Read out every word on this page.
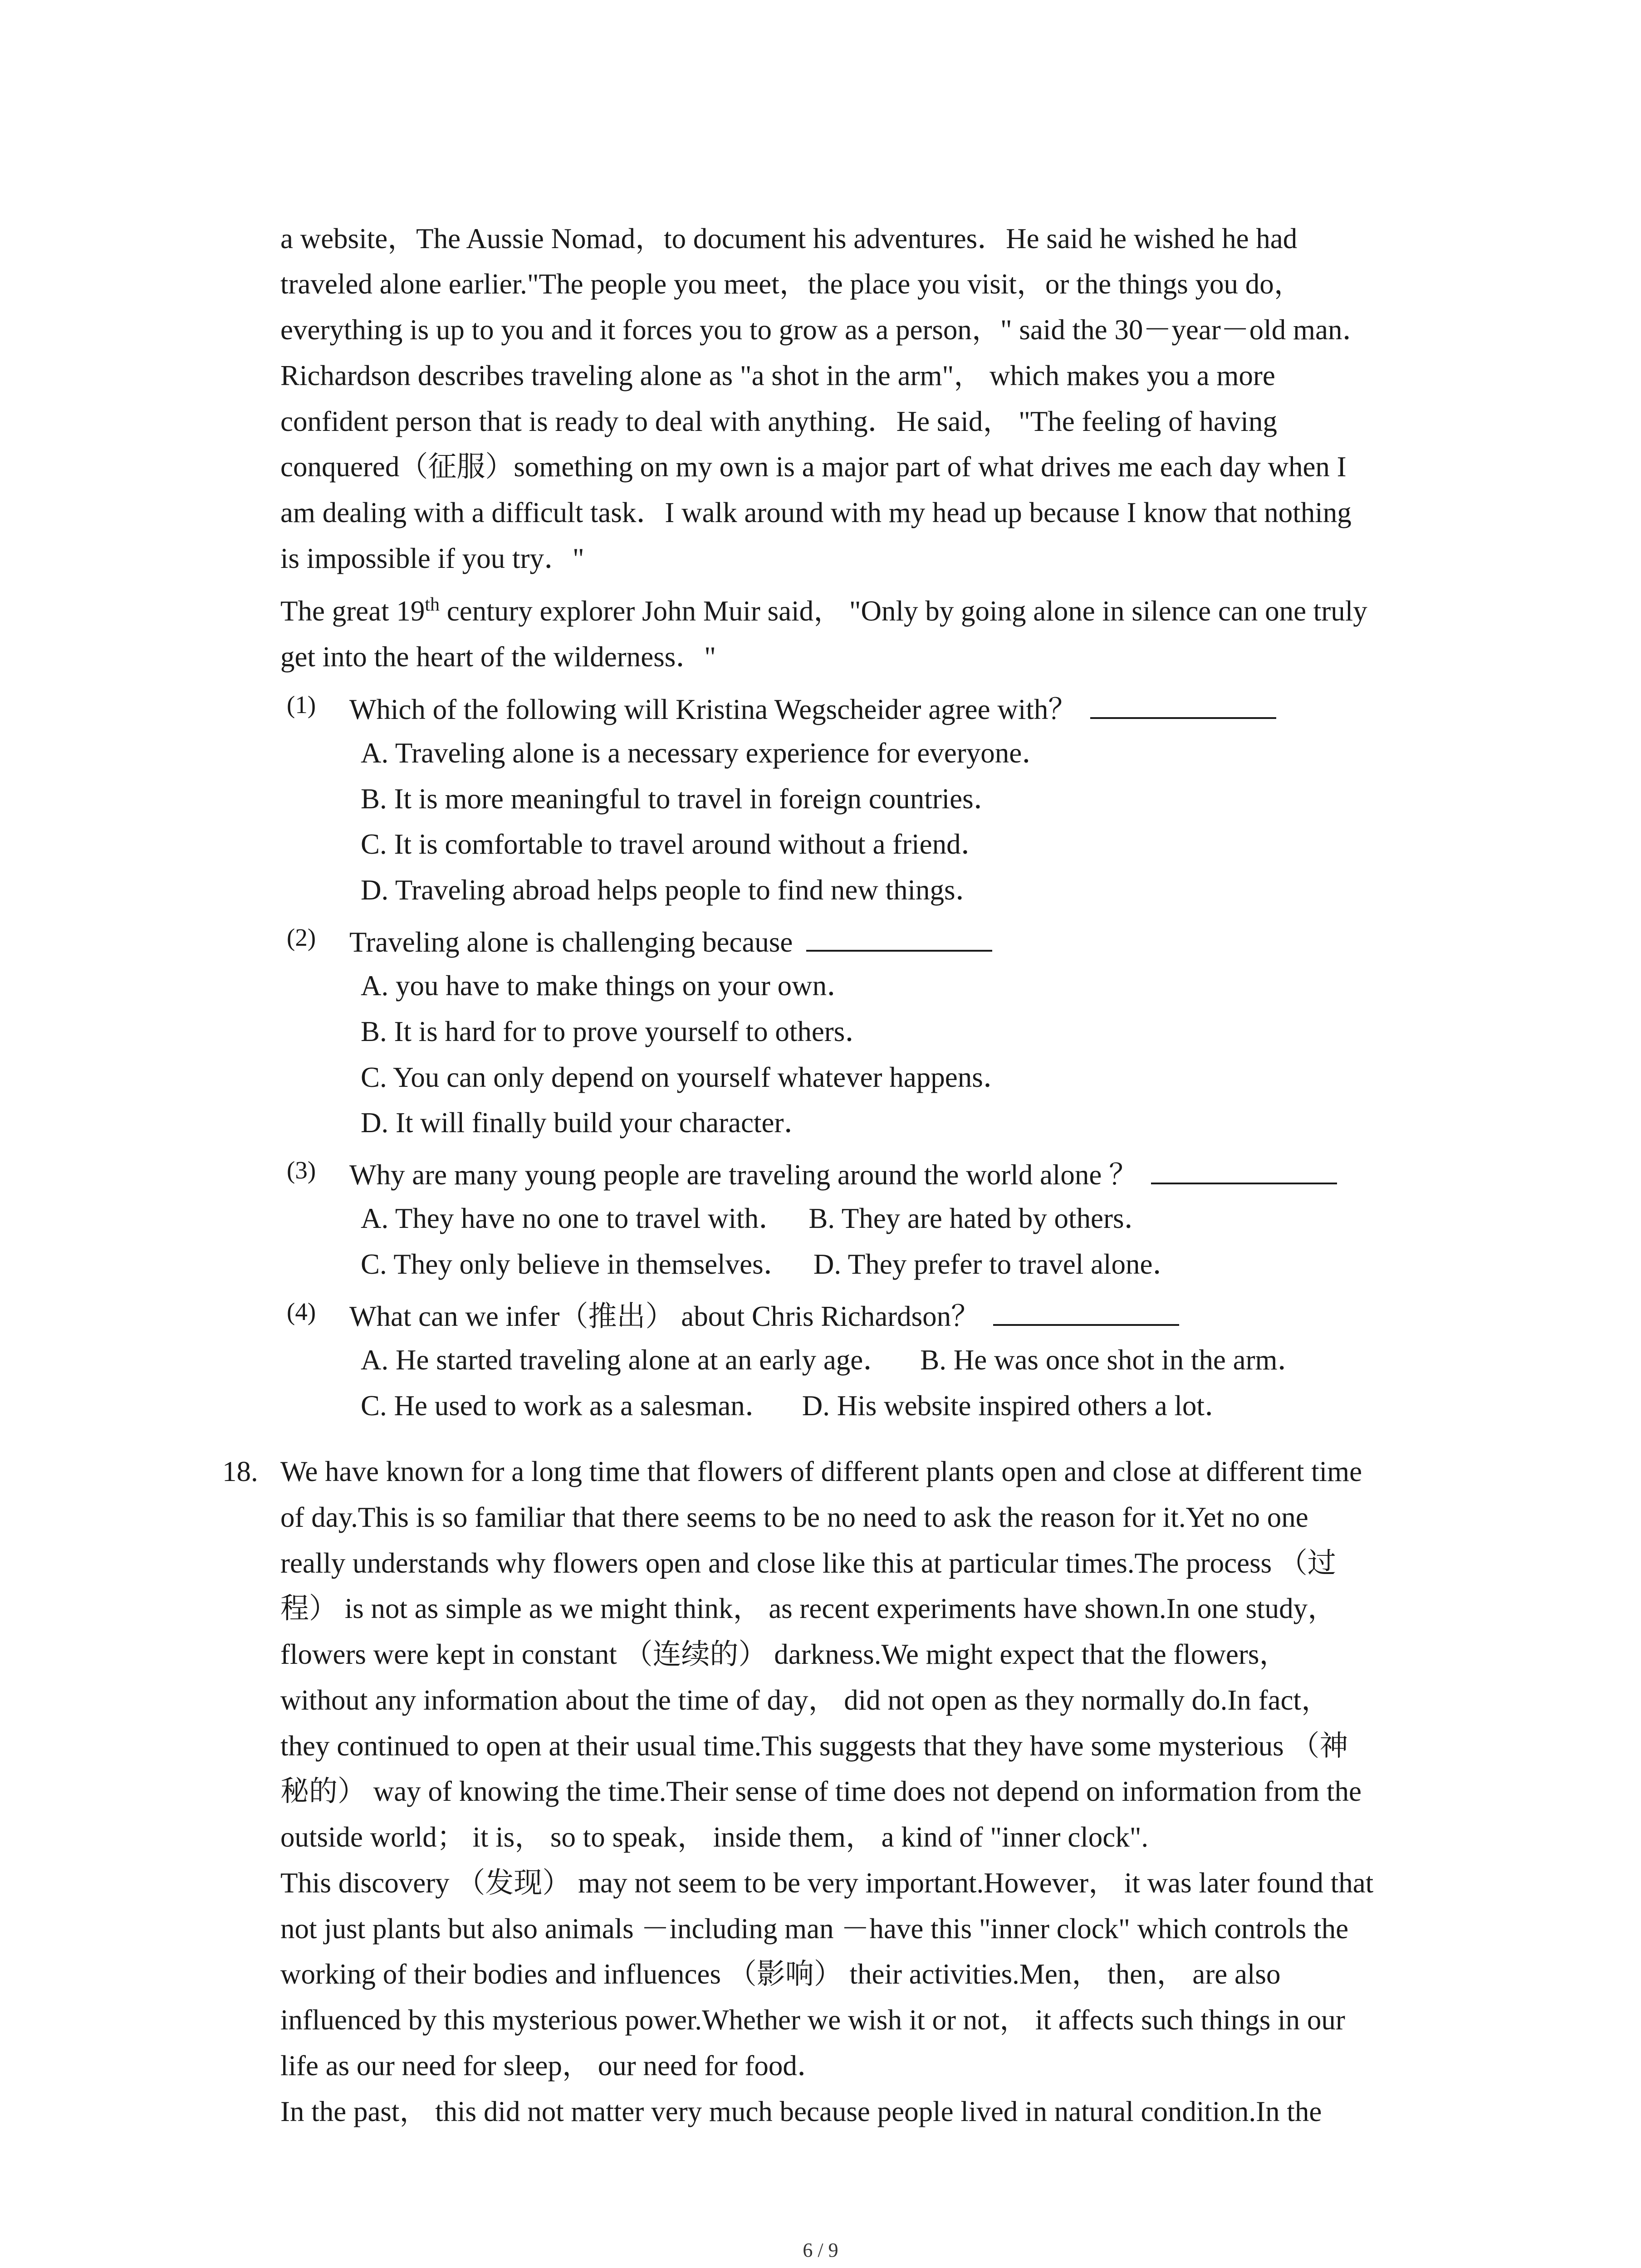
a website，The Aussie Nomad，to document his adventures．He said he wished he had
traveled alone earlier."The people you meet，the place you visit，or the things you do，
everything is up to you and it forces you to grow as a person，" said the 30－year－old man．
Richardson describes traveling alone as "a shot in the arm"， which makes you a more
confident person that is ready to deal with anything．He said， "The feeling of having
conquered（征服）something on my own is a major part of what drives me each day when I
am dealing with a difficult task．I walk around with my head up because I know that nothing
is impossible if you try．"
The great 19th century explorer John Muir said， "Only by going alone in silence can one truly
get into the heart of the wilderness．"
(1) Which of the following will Kristina Wegscheider agree with？
A. Traveling alone is a necessary experience for everyone．
B. It is more meaningful to travel in foreign countries．
C. It is comfortable to travel around without a friend．
D. Traveling abroad helps people to find new things．
(2) Traveling alone is challenging because
A. you have to make things on your own．
B. It is hard for to prove yourself to others．
C. You can only depend on yourself whatever happens．
D. It will finally build your character．
(3) Why are many young people are traveling around the world alone ？
A. They have no one to travel with．   B. They are hated by others．
C. They only believe in themselves．   D. They prefer to travel alone．
(4) What can we infer（推出） about Chris Richardson？
A. He started traveling alone at an early age．    B. He was once shot in the arm．
C. He used to work as a salesman．    D. His website inspired others a lot．
18. We have known for a long time that flowers of different plants open and close at different time
of day.This is so familiar that there seems to be no need to ask the reason for it.Yet no one
really understands why flowers open and close like this at particular times.The process （过
程） is not as simple as we might think， as recent experiments have shown.In one study，
flowers were kept in constant （连续的） darkness.We might expect that the flowers，
without any information about the time of day， did not open as they normally do.In fact，
they continued to open at their usual time.This suggests that they have some mysterious （神
秘的） way of knowing the time.Their sense of time does not depend on information from the
outside world； it is， so to speak， inside them， a kind of "inner clock".
This discovery （发现） may not seem to be very important.However， it was later found that
not just plants but also animals －including man －have this "inner clock" which controls the
working of their bodies and influences （影响） their activities.Men， then， are also
influenced by this mysterious power.Whether we wish it or not， it affects such things in our
life as our need for sleep， our need for food．
In the past， this did not matter very much because people lived in natural condition.In the
6 / 9
